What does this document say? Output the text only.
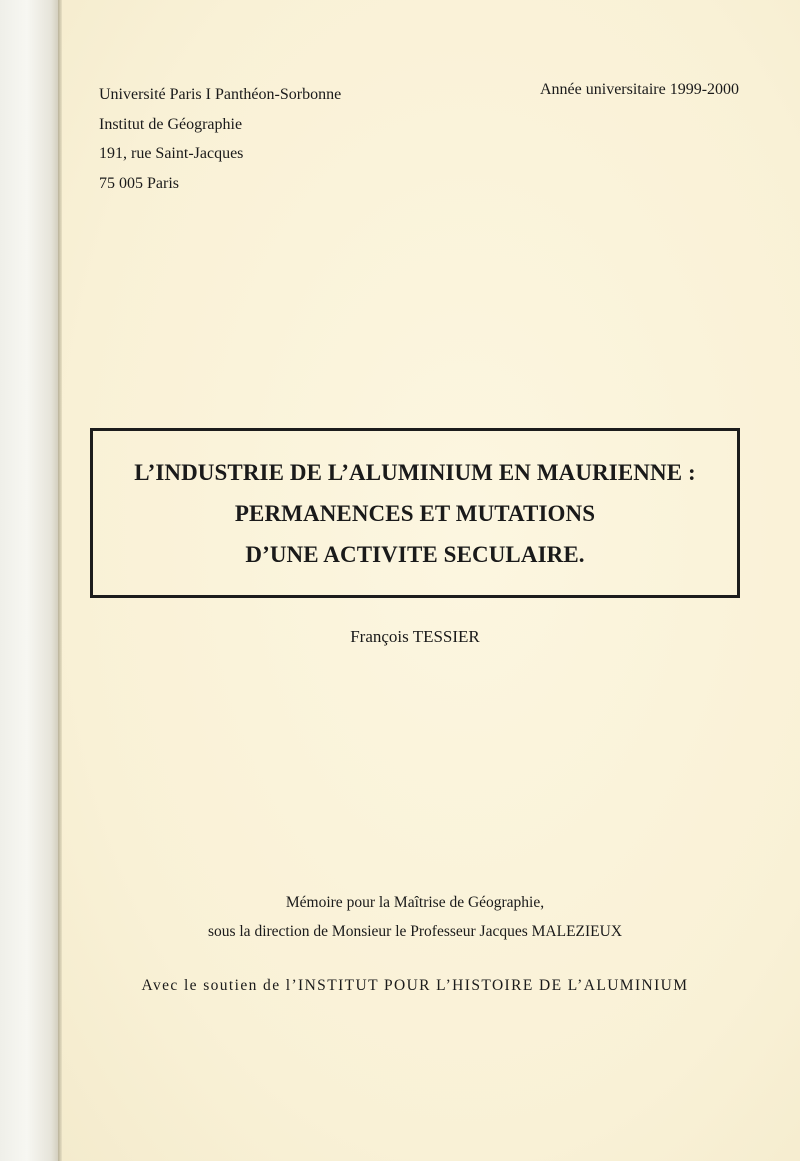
Université Paris I Panthéon-Sorbonne
Institut de Géographie
191, rue Saint-Jacques
75 005 Paris
Année universitaire 1999-2000
L’INDUSTRIE DE L’ALUMINIUM EN MAURIENNE :
PERMANENCES ET MUTATIONS
D’UNE ACTIVITE SECULAIRE.
François TESSIER
Mémoire pour la Maîtrise de Géographie,
sous la direction de Monsieur le Professeur Jacques MALEZIEUX
Avec le soutien de l’INSTITUT POUR L’HISTOIRE DE L’ALUMINIUM
